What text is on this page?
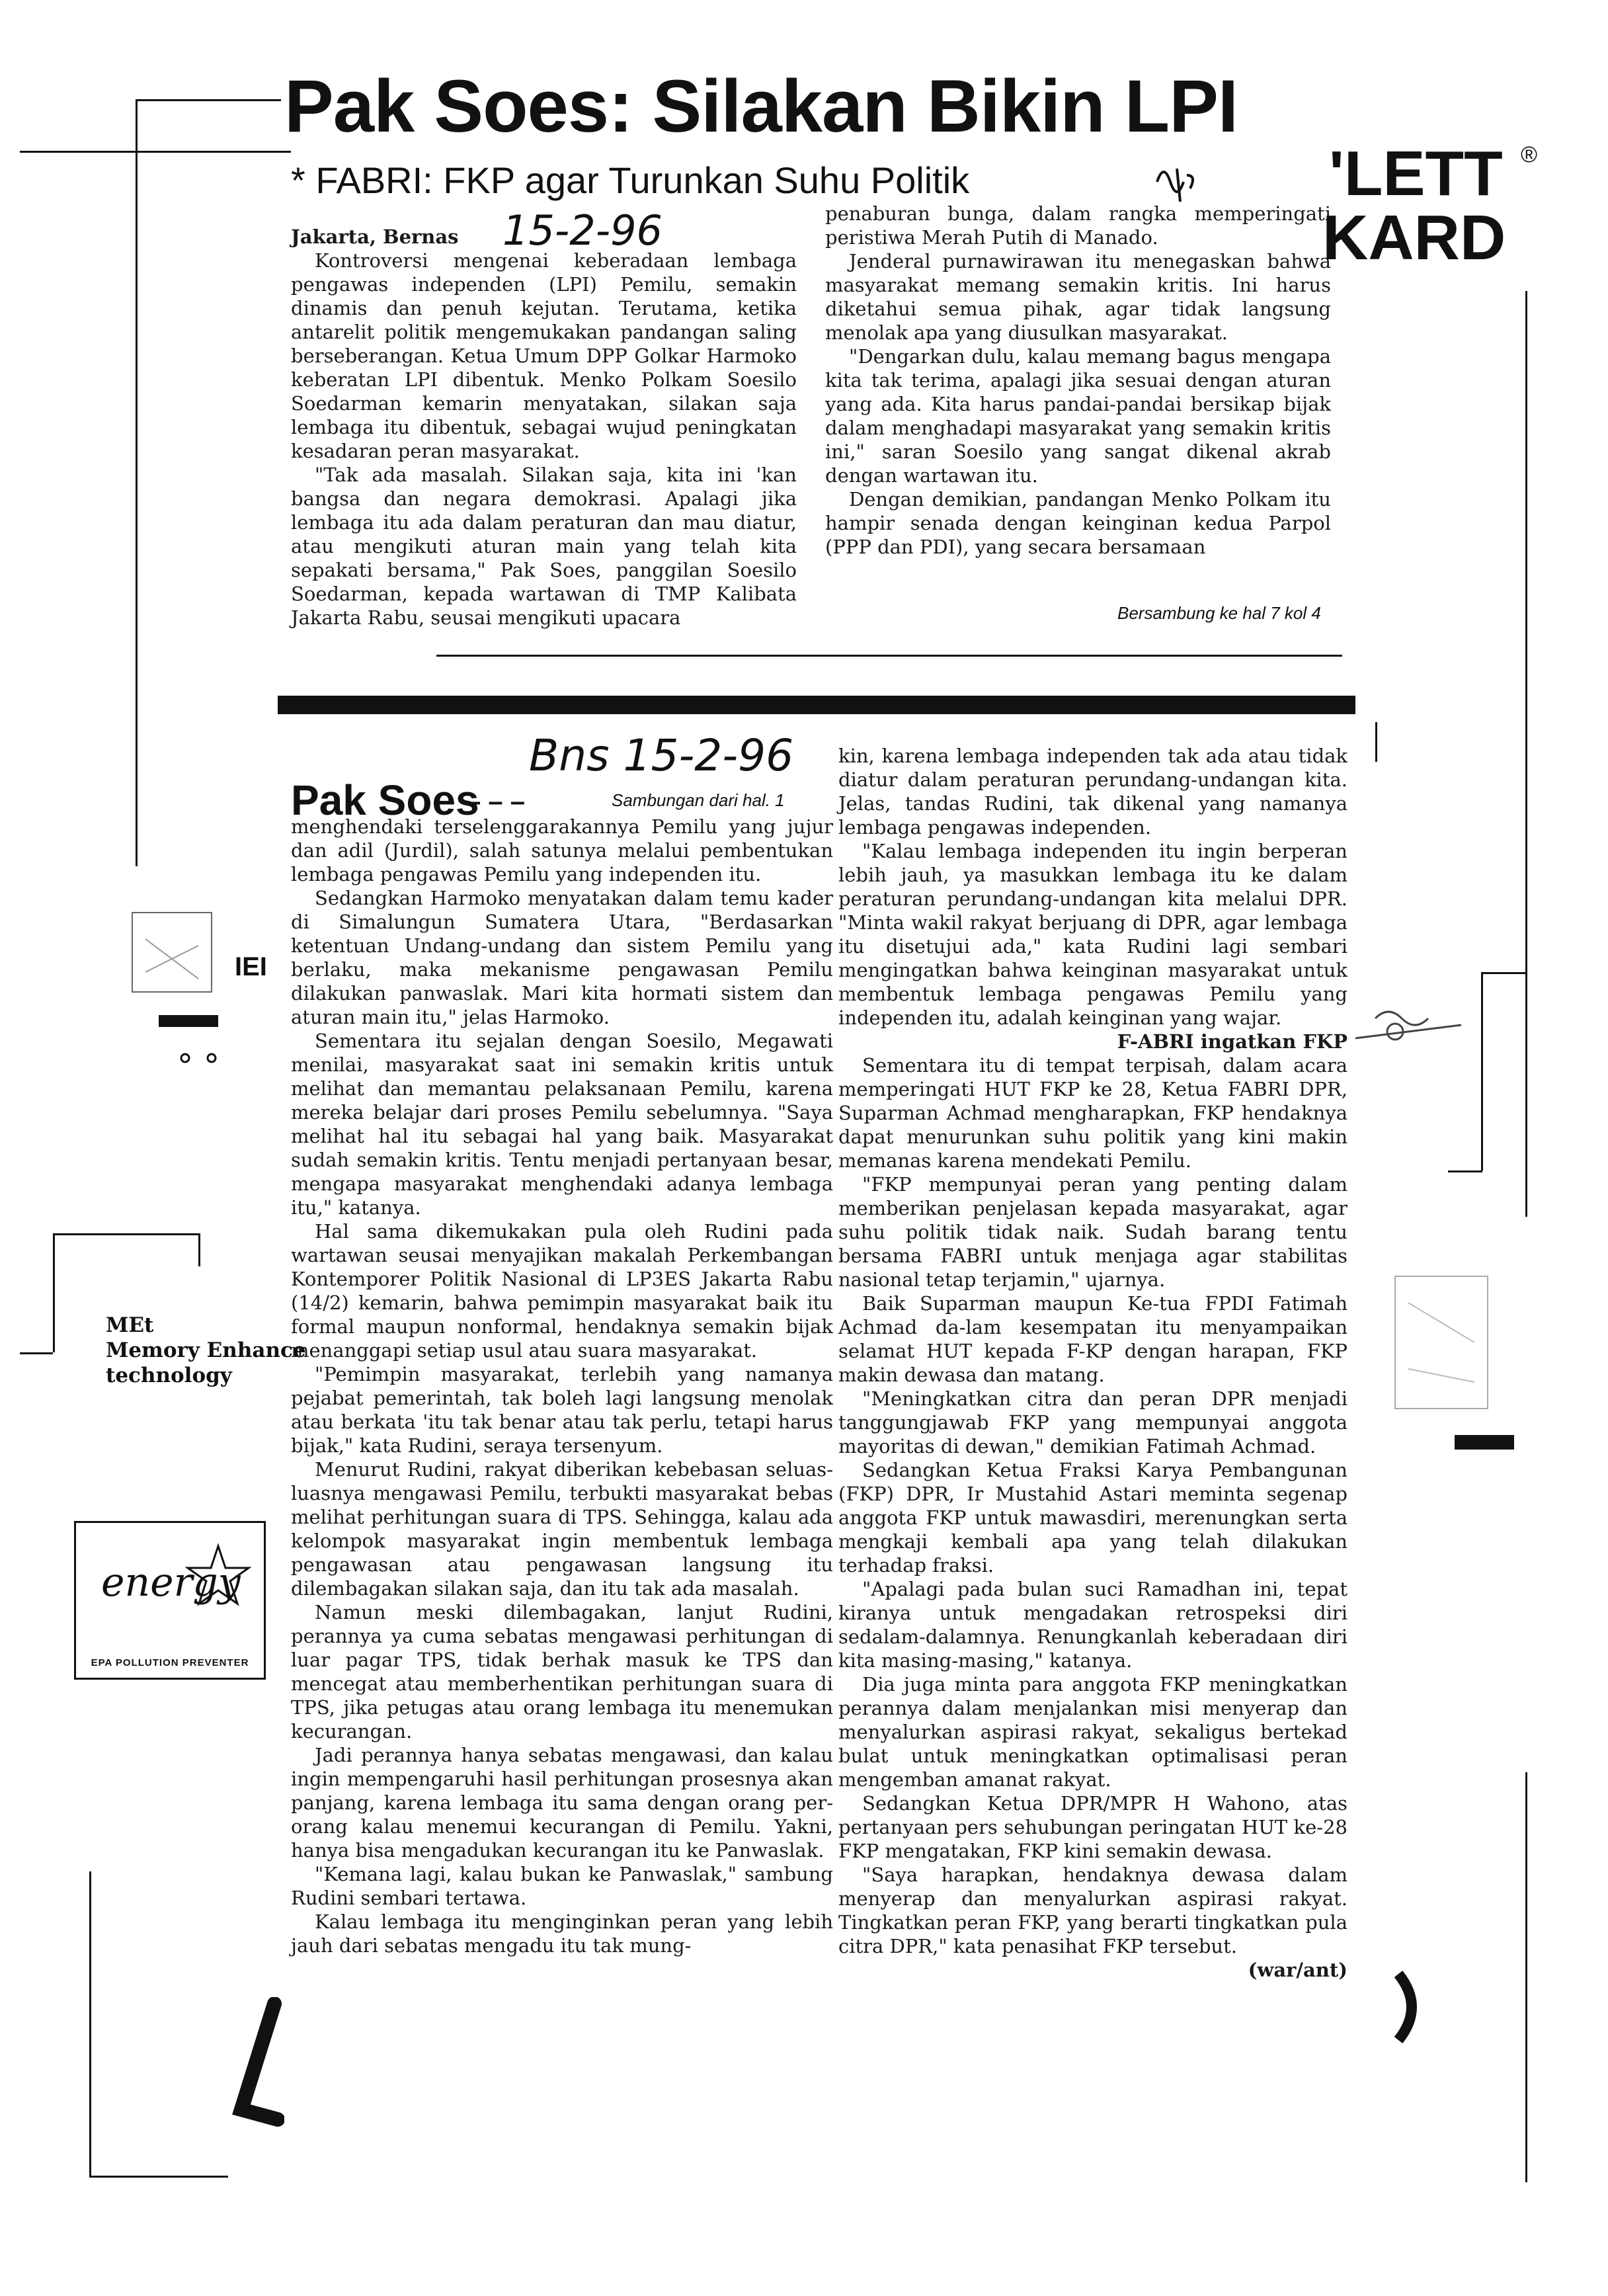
Pak Soes: Silakan Bikin LPI
* FABRI: FKP agar Turunkan Suhu Politik
15-2-96

Jakarta, Bernas

Kontroversi mengenai keberadaan lembaga pengawas independen (LPI) Pemilu, semakin dinamis dan penuh kejutan. Terutama, ketika antarelit politik mengemukakan pandangan saling berseberangan. Ketua Umum DPP Golkar Harmoko keberatan LPI dibentuk. Menko Polkam Soesilo Soedarman kemarin menyatakan, silakan saja lembaga itu dibentuk, sebagai wujud peningkatan kesadaran peran masyarakat.

"Tak ada masalah. Silakan saja, kita ini 'kan bangsa dan negara demokrasi. Apalagi jika lembaga itu ada dalam peraturan dan mau diatur, atau mengikuti aturan main yang telah kita sepakati bersama," Pak Soes, panggilan Soesilo Soedarman, kepada wartawan di TMP Kalibata Jakarta Rabu, seusai mengikuti upacara

penaburan bunga, dalam rangka memperingati peristiwa Merah Putih di Manado.

Jenderal purnawirawan itu menegaskan bahwa masyarakat memang semakin kritis. Ini harus diketahui semua pihak, agar tidak langsung menolak apa yang diusulkan masyarakat.

"Dengarkan dulu, kalau memang bagus mengapa kita tak terima, apalagi jika sesuai dengan aturan yang ada. Kita harus pandai-pandai bersikap bijak dalam menghadapi masyarakat yang semakin kritis ini," saran Soesilo yang sangat dikenal akrab dengan wartawan itu.

Dengan demikian, pandangan Menko Polkam itu hampir senada dengan keinginan kedua Parpol (PPP dan PDI), yang secara bersamaan

Bersambung ke hal 7 kol 4
'LETT ®
KARD
Bns 15-2-96
Pak Soes
– – –	Sambungan dari hal. 1

menghendaki terselenggarakannya Pemilu yang jujur dan adil (Jurdil), salah satunya melalui pembentukan lembaga pengawas Pemilu yang independen itu.

Sedangkan Harmoko menyatakan dalam temu kader di Simalungun Sumatera Utara, "Berdasarkan ketentuan Undang-undang dan sistem Pemilu yang berlaku, maka mekanisme pengawasan Pemilu dilakukan panwaslak. Mari kita hormati sistem dan aturan main itu," jelas Harmoko.

Sementara itu sejalan dengan Soesilo, Megawati menilai, masyarakat saat ini semakin kritis untuk melihat dan memantau pelaksanaan Pemilu, karena mereka belajar dari proses Pemilu sebelumnya. "Saya melihat hal itu sebagai hal yang baik. Masyarakat sudah semakin kritis. Tentu menjadi pertanyaan besar, mengapa masyarakat menghendaki adanya lembaga itu," katanya.

Hal sama dikemukakan pula oleh Rudini pada wartawan seusai menyajikan makalah Perkembangan Kontemporer Politik Nasional di LP3ES Jakarta Rabu (14/2) kemarin, bahwa pemimpin masyarakat baik itu formal maupun nonformal, hendaknya semakin bijak menanggapi setiap usul atau suara masyarakat.

"Pemimpin masyarakat, terlebih yang namanya pejabat pemerintah, tak boleh lagi langsung menolak atau berkata 'itu tak benar atau tak perlu, tetapi harus bijak," kata Rudini, seraya tersenyum.

Menurut Rudini, rakyat diberikan kebebasan seluas-luasnya mengawasi Pemilu, terbukti masyarakat bebas melihat perhitungan suara di TPS. Sehingga, kalau ada kelompok masyarakat ingin membentuk lembaga pengawasan atau pengawasan langsung itu dilembagakan silakan saja, dan itu tak ada masalah.

Namun meski dilembagakan, lanjut Rudini, perannya ya cuma sebatas mengawasi perhitungan di luar pagar TPS, tidak berhak masuk ke TPS dan mencegat atau memberhentikan perhitungan suara di TPS, jika petugas atau orang lembaga itu menemukan kecurangan.

Jadi perannya hanya sebatas mengawasi, dan kalau ingin mempengaruhi hasil perhitungan prosesnya akan panjang, karena lembaga itu sama dengan orang per-orang kalau menemui kecurangan di Pemilu. Yakni, hanya bisa mengadukan kecurangan itu ke Panwaslak.

"Kemana lagi, kalau bukan ke Panwaslak," sambung Rudini sembari tertawa.

Kalau lembaga itu menginginkan peran yang lebih jauh dari sebatas mengadu itu tak mung-

kin, karena lembaga independen tak ada atau tidak diatur dalam peraturan perundang-undangan kita. Jelas, tandas Rudini, tak dikenal yang namanya lembaga pengawas independen.

"Kalau lembaga independen itu ingin berperan lebih jauh, ya masukkan lembaga itu ke dalam peraturan perundang-undangan kita melalui DPR. "Minta wakil rakyat berjuang di DPR, agar lembaga itu disetujui ada," kata Rudini lagi sembari mengingatkan bahwa keinginan masyarakat untuk membentuk lembaga pengawas Pemilu yang independen itu, adalah keinginan yang wajar.

F-ABRI ingatkan FKP

Sementara itu di tempat terpisah, dalam acara memperingati HUT FKP ke 28, Ketua FABRI DPR, Suparman Achmad mengharapkan, FKP hendaknya dapat menurunkan suhu politik yang kini makin memanas karena mendekati Pemilu.

"FKP mempunyai peran yang penting dalam memberikan penjelasan kepada masyarakat, agar suhu politik tidak naik. Sudah barang tentu bersama FABRI untuk menjaga agar stabilitas nasional tetap terjamin," ujarnya.

Baik Suparman maupun Ke-tua FPDI Fatimah Achmad da-lam kesempatan itu menyampaikan selamat HUT kepada F-KP dengan harapan, FKP makin dewasa dan matang.

"Meningkatkan citra dan peran DPR menjadi tanggungjawab FKP yang mempunyai anggota mayoritas di dewan," demikian Fatimah Achmad.

Sedangkan Ketua Fraksi Karya Pembangunan (FKP) DPR, Ir Mustahid Astari meminta segenap anggota FKP untuk mawasdiri, merenungkan serta mengkaji kembali apa yang telah dilakukan terhadap fraksi.

"Apalagi pada bulan suci Ramadhan ini, tepat kiranya untuk mengadakan retrospeksi diri sedalam-dalamnya. Renungkanlah keberadaan diri kita masing-masing," katanya.

Dia juga minta para anggota FKP meningkatkan perannya dalam menjalankan misi menyerap dan menyalurkan aspirasi rakyat, sekaligus bertekad bulat untuk meningkatkan optimalisasi peran mengemban amanat rakyat.

Sedangkan Ketua DPR/MPR H Wahono, atas pertanyaan pers sehubungan peringatan HUT ke-28 FKP mengatakan, FKP kini semakin dewasa.

"Saya harapkan, hendaknya dewasa dalam menyerap dan menyalurkan aspirasi rakyat. Tingkatkan peran FKP, yang berarti tingkatkan pula citra DPR," kata penasihat FKP tersebut.

(war/ant)
IEI
MEt
Memory Enhance
technology
energy
EPA POLLUTION PREVENTER
